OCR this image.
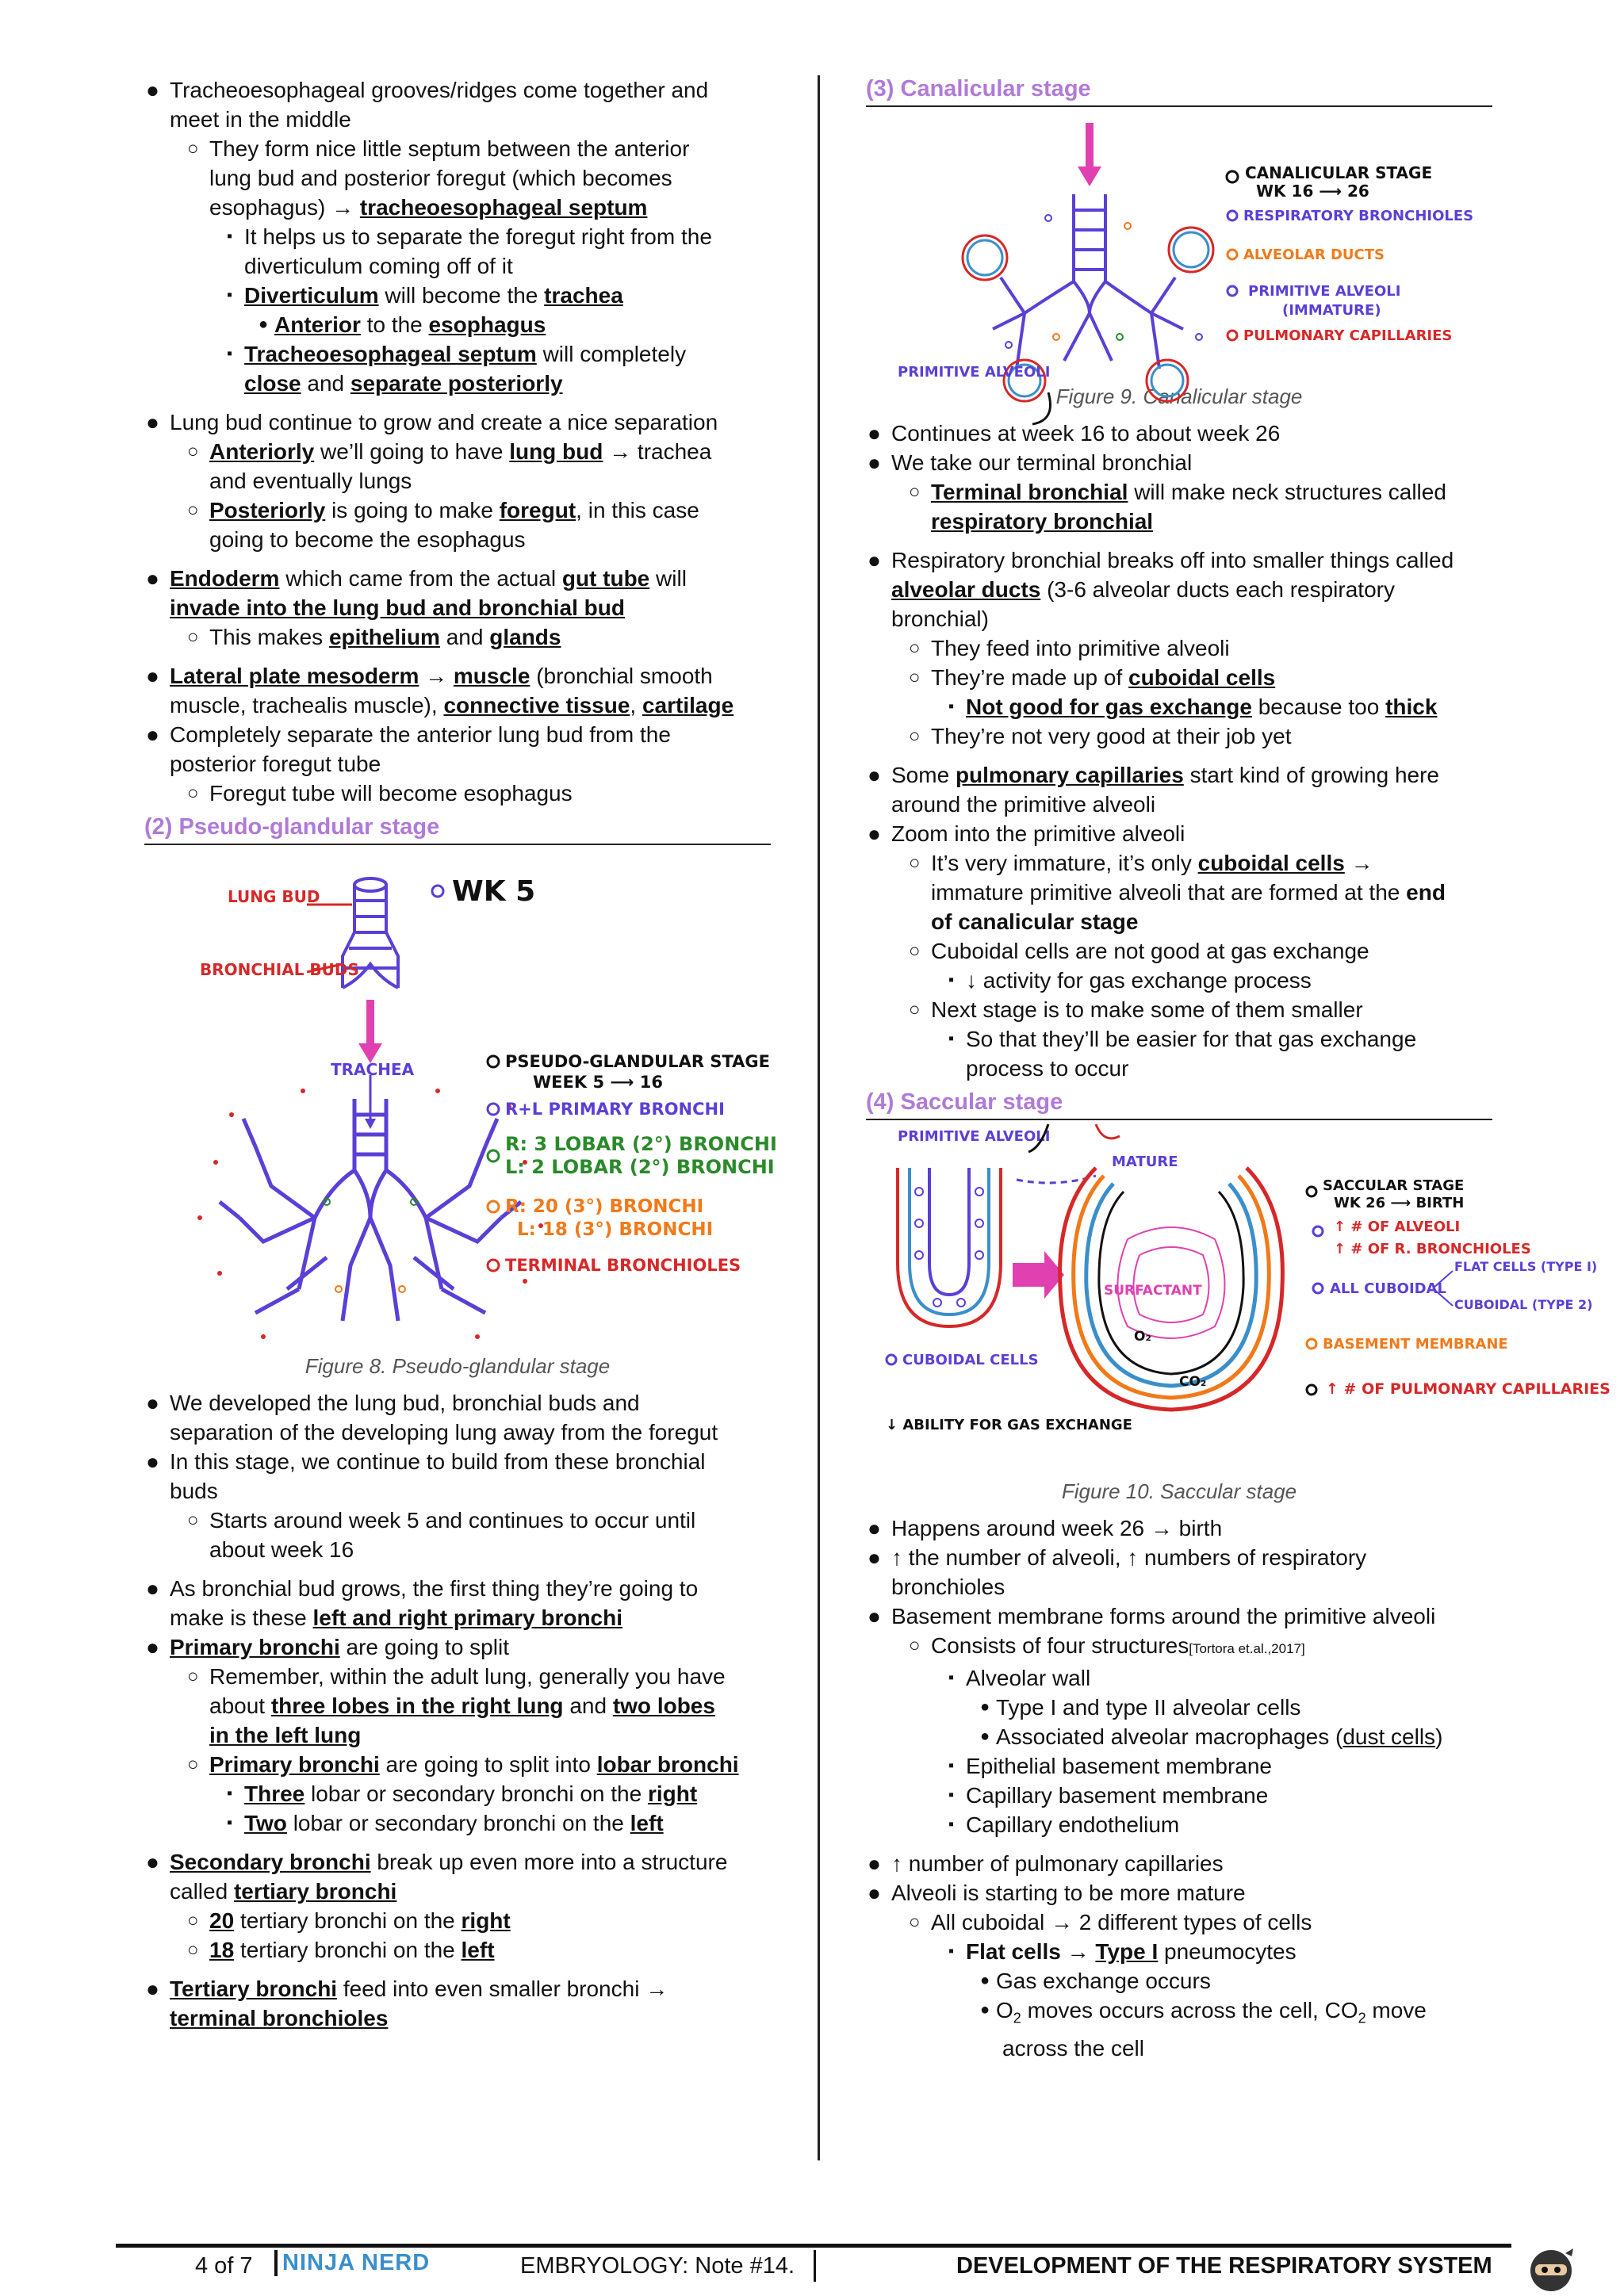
● Tracheoesophageal grooves/ridges come together and
meet in the middle
○ They form nice little septum between the anterior
lung bud and posterior foregut (which becomes
esophagus) → tracheoesophageal septum
▪ It helps us to separate the foregut right from the
diverticulum coming off of it
▪ Diverticulum will become the trachea
● Anterior to the esophagus
▪ Tracheoesophageal septum will completely
close and separate posteriorly
● Lung bud continue to grow and create a nice separation
○ Anteriorly we’ll going to have lung bud → trachea
and eventually lungs
○ Posteriorly is going to make foregut, in this case
going to become the esophagus
● Endoderm which came from the actual gut tube will
invade into the lung bud and bronchial bud
○ This makes epithelium and glands
● Lateral plate mesoderm → muscle (bronchial smooth
muscle, trachealis muscle), connective tissue, cartilage
● Completely separate the anterior lung bud from the
posterior foregut tube
○ Foregut tube will become esophagus
(2) Pseudo-glandular stage
LUNG BUD
BRONCHIAL BUDS
WK 5
TRACHEA	PSEUDO-GLANDULAR STAGE
WEEK 5 ⟶ 16
R+L PRIMARY BRONCHI
R: 3 LOBAR (2°) BRONCHI
L: 2 LOBAR (2°) BRONCHI
R: 20 (3°) BRONCHI
L: 18 (3°) BRONCHI
TERMINAL BRONCHIOLES
Figure 8. Pseudo-glandular stage
● We developed the lung bud, bronchial buds and
separation of the developing lung away from the foregut
● In this stage, we continue to build from these bronchial
buds
○ Starts around week 5 and continues to occur until
about week 16
● As bronchial bud grows, the first thing they’re going to
make is these left and right primary bronchi
● Primary bronchi are going to split
○ Remember, within the adult lung, generally you have
about three lobes in the right lung and two lobes
in the left lung
○ Primary bronchi are going to split into lobar bronchi
▪ Three lobar or secondary bronchi on the right
▪ Two lobar or secondary bronchi on the left
● Secondary bronchi break up even more into a structure
called tertiary bronchi
○ 20 tertiary bronchi on the right
○ 18 tertiary bronchi on the left
● Tertiary bronchi feed into even smaller bronchi →
terminal bronchioles
(3) Canalicular stage
PRIMITIVE ALVEOLI
CANALICULAR STAGE
WK 16 ⟶ 26
RESPIRATORY BRONCHIOLES
ALVEOLAR DUCTS
PRIMITIVE ALVEOLI
(IMMATURE)
PULMONARY CAPILLARIES
Figure 9. Canalicular stage
● Continues at week 16 to about week 26
● We take our terminal bronchial
○ Terminal bronchial will make neck structures called
respiratory bronchial
● Respiratory bronchial breaks off into smaller things called
alveolar ducts (3-6 alveolar ducts each respiratory
bronchial)
○ They feed into primitive alveoli
○ They’re made up of cuboidal cells
▪ Not good for gas exchange because too thick
○ They’re not very good at their job yet
● Some pulmonary capillaries start kind of growing here
around the primitive alveoli
● Zoom into the primitive alveoli
○ It’s very immature, it’s only cuboidal cells →
immature primitive alveoli that are formed at the end
of canalicular stage
○ Cuboidal cells are not good at gas exchange
▪ ↓ activity for gas exchange process
○ Next stage is to make some of them smaller
▪ So that they’ll be easier for that gas exchange
process to occur
(4) Saccular stage
PRIMITIVE ALVEOLI
MATURE
SURFACTANT
O₂
CO₂
SACCULAR STAGE
WK 26 ⟶ BIRTH
↑ # OF ALVEOLI
↑ # OF R. BRONCHIOLES
ALL CUBOIDAL
FLAT CELLS (TYPE I)
CUBOIDAL (TYPE 2)
BASEMENT MEMBRANE
↑ # OF PULMONARY CAPILLARIES
CUBOIDAL CELLS
↓ ABILITY FOR GAS EXCHANGE
Figure 10. Saccular stage
● Happens around week 26 → birth
● ↑ the number of alveoli, ↑ numbers of respiratory
bronchioles
● Basement membrane forms around the primitive alveoli
○ Consists of four structures[Tortora et.al.,2017]
▪ Alveolar wall
● Type I and type II alveolar cells
● Associated alveolar macrophages (dust cells)
▪ Epithelial basement membrane
▪ Capillary basement membrane
▪ Capillary endothelium
● ↑ number of pulmonary capillaries
● Alveoli is starting to be more mature
○ All cuboidal → 2 different types of cells
▪ Flat cells → Type I pneumocytes
● Gas exchange occurs
● $O_2$ moves occurs across the cell, $CO_2$ move
across the cell
4 of 7	NINJA NERD	EMBRYOLOGY: Note #14.	DEVELOPMENT OF THE RESPIRATORY SYSTEM
